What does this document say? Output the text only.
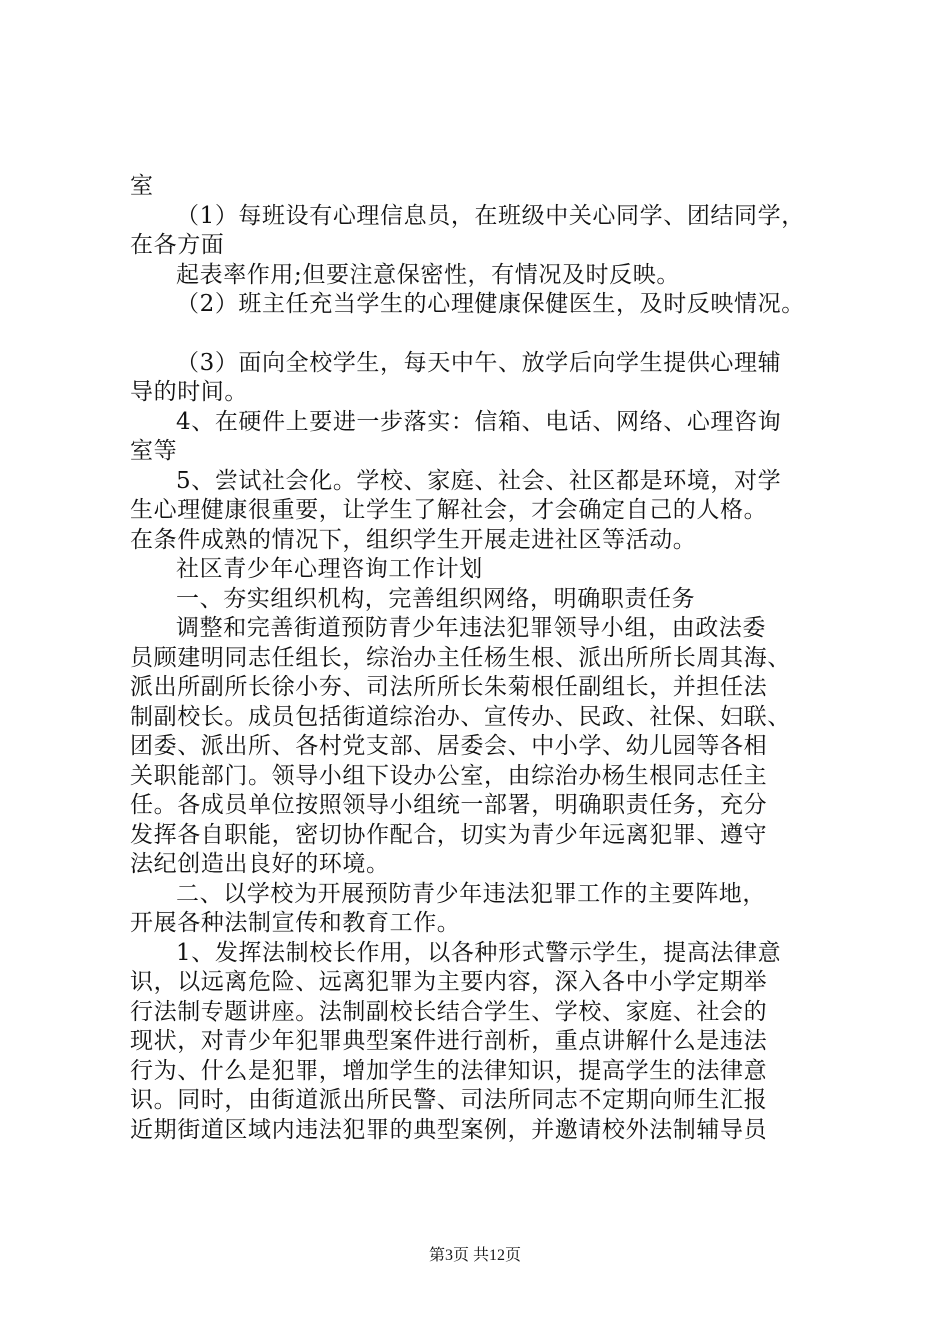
室
（1）每班设有心理信息员，在班级中关心同学、团结同学，
在各方面
起表率作用;但要注意保密性，有情况及时反映。
（2）班主任充当学生的心理健康保健医生，及时反映情况。
（3）面向全校学生，每天中午、放学后向学生提供心理辅
导的时间。
4、在硬件上要进一步落实：信箱、电话、网络、心理咨询
室等
5、尝试社会化。学校、家庭、社会、社区都是环境，对学
生心理健康很重要，让学生了解社会，才会确定自己的人格。
在条件成熟的情况下，组织学生开展走进社区等活动。
社区青少年心理咨询工作计划
一、夯实组织机构，完善组织网络，明确职责任务
调整和完善街道预防青少年违法犯罪领导小组，由政法委
员顾建明同志任组长，综治办主任杨生根、派出所所长周其海、
派出所副所长徐小夯、司法所所长朱菊根任副组长，并担任法
制副校长。成员包括街道综治办、宣传办、民政、社保、妇联、
团委、派出所、各村党支部、居委会、中小学、幼儿园等各相
关职能部门。领导小组下设办公室，由综治办杨生根同志任主
任。各成员单位按照领导小组统一部署，明确职责任务，充分
发挥各自职能，密切协作配合，切实为青少年远离犯罪、遵守
法纪创造出良好的环境。
二、以学校为开展预防青少年违法犯罪工作的主要阵地，
开展各种法制宣传和教育工作。
1、发挥法制校长作用，以各种形式警示学生，提高法律意
识，以远离危险、远离犯罪为主要内容，深入各中小学定期举
行法制专题讲座。法制副校长结合学生、学校、家庭、社会的
现状，对青少年犯罪典型案件进行剖析，重点讲解什么是违法
行为、什么是犯罪，增加学生的法律知识，提高学生的法律意
识。同时，由街道派出所民警、司法所同志不定期向师生汇报
近期街道区域内违法犯罪的典型案例，并邀请校外法制辅导员
第3页 共12页
